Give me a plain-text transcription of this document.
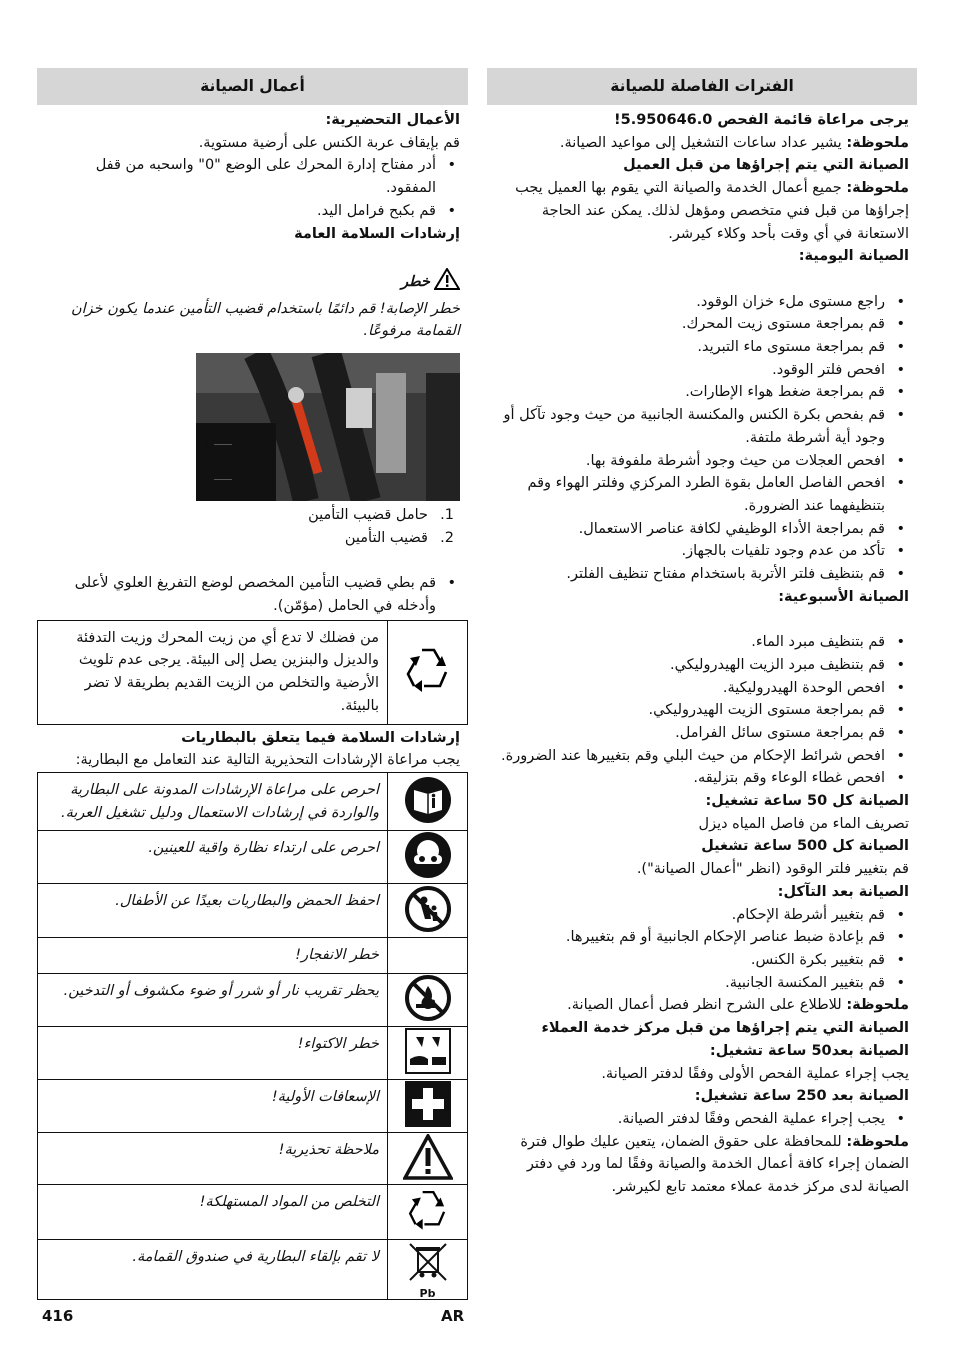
الفترات الفاصلة للصيانة
يرجى مراعاة قائمة الفحص 5.950646.0!
ملحوظة: يشير عداد ساعات التشغيل إلى مواعيد الصيانة.
الصيانة التي يتم إجراؤها من قبل العميل
ملحوظة: جميع أعمال الخدمة والصيانة التي يقوم بها العميل يجب إجراؤها من قبل فني متخصص ومؤهل لذلك. يمكن عند الحاجة الاستعانة في أي وقت بأحد وكلاء كيرشر.
الصيانة اليومية:
• راجع مستوى ملء خزان الوقود.
• قم بمراجعة مستوى زيت المحرك.
• قم بمراجعة مستوى ماء التبريد.
• افحص فلتر الوقود.
• قم بمراجعة ضغط هواء الإطارات.
• قم بفحص بكرة الكنس والمكنسة الجانبية من حيث وجود تآكل أو وجود أية أشرطة ملتفة.
• افحص العجلات من حيث وجود أشرطة ملفوفة بها.
• افحص الفاصل العامل بقوة الطرد المركزي وفلتر الهواء وقم بتنظيفهما عند الضرورة.
• قم بمراجعة الأداء الوظيفي لكافة عناصر الاستعمال.
• تأكد من عدم وجود تلفيات بالجهاز.
• قم بتنظيف فلتر الأتربة باستخدام مفتاح تنظيف الفلتر.
الصيانة الأسبوعية:
• قم بتنظيف مبرد الماء.
• قم بتنظيف مبرد الزيت الهيدروليكي.
• افحص الوحدة الهيدروليكية.
• قم بمراجعة مستوى الزيت الهيدروليكي.
• قم بمراجعة مستوى سائل الفرامل.
• افحص شرائط الإحكام من حيث البلي وقم بتغييرها عند الضرورة.
• افحص غطاء الوعاء وقم بتزليقه.
الصيانة كل 50 ساعة تشغيل:
تصريف الماء من فاصل المياه ديزل
الصيانة كل 500 ساعة تشغيل
قم بتغيير فلتر الوقود (انظر "أعمال الصيانة").
الصيانة بعد التآكل:
• قم بتغيير أشرطة الإحكام.
• قم بإعادة ضبط عناصر الإحكام الجانبية أو قم بتغييرها.
• قم بتغيير بكرة الكنس.
• قم بتغيير المكنسة الجانبية.
ملحوظة: للاطلاع على الشرح انظر فصل أعمال الصيانة.
الصيانة التي يتم إجراؤها من قبل مركز خدمة العملاء
الصيانة بعد50 ساعة تشغيل:
يجب إجراء عملية الفحص الأولى وفقًا لدفتر الصيانة.
الصيانة بعد 250 ساعة تشغيل:
• يجب إجراء عملية الفحص وفقًا لدفتر الصيانة.
ملحوظة: للمحافظة على حقوق الضمان، يتعين عليك طوال فترة الضمان إجراء كافة أعمال الخدمة والصيانة وفقًا لما ورد في دفتر الصيانة لدى مركز خدمة عملاء معتمد تابع لكيرشر.
أعمال الصيانة
الأعمال التحضيرية:
قم بإيقاف عربة الكنس على أرضية مستوية.
• أدر مفتاح إدارة المحرك على الوضع "0" واسحبه من قفل المفقود.
• قم بكبح فرامل اليد.
إرشادات السلامة العامة
خطر
خطر الإصابة! قم دائمًا باستخدام قضيب التأمين عندما يكون خزان القمامة مرفوعًا.
1
2
1.
حامل قضيب التأمين
2.
قضيب التأمين
• قم بطي قضيب التأمين المخصص لوضع التفريغ العلوي لأعلى وأدخله في الحامل (مؤمّن).
	من فضلك لا تدع أي من زيت المحرك وزيت التدفئة والديزل والبنزين يصل إلى البيئة. يرجى عدم تلويث الأرضية والتخلص من الزيت القديم بطريقة لا تضر بالبيئة.
إرشادات السلامة فيما يتعلق بالبطاريات
يجب مراعاة الإرشادات التحذيرية التالية عند التعامل مع البطارية:
	احرص على مراعاة الإرشادات المدونة على البطارية والواردة في إرشادات الاستعمال ودليل تشغيل العربة.
	احرص على ارتداء نظارة واقية للعينين.
	احفظ الحمض والبطاريات بعيدًا عن الأطفال.
	خطر الانفجار!
	يحظر تقريب نار أو شرر أو ضوء مكشوف أو التدخين.
	خطر الاكتواء!
	الإسعافات الأولية!
	ملاحظة تحذيرية!
	التخلص من المواد المستهلكة!

Pb	لا تقم بإلقاء البطارية في صندوق القمامة.
416	AR
